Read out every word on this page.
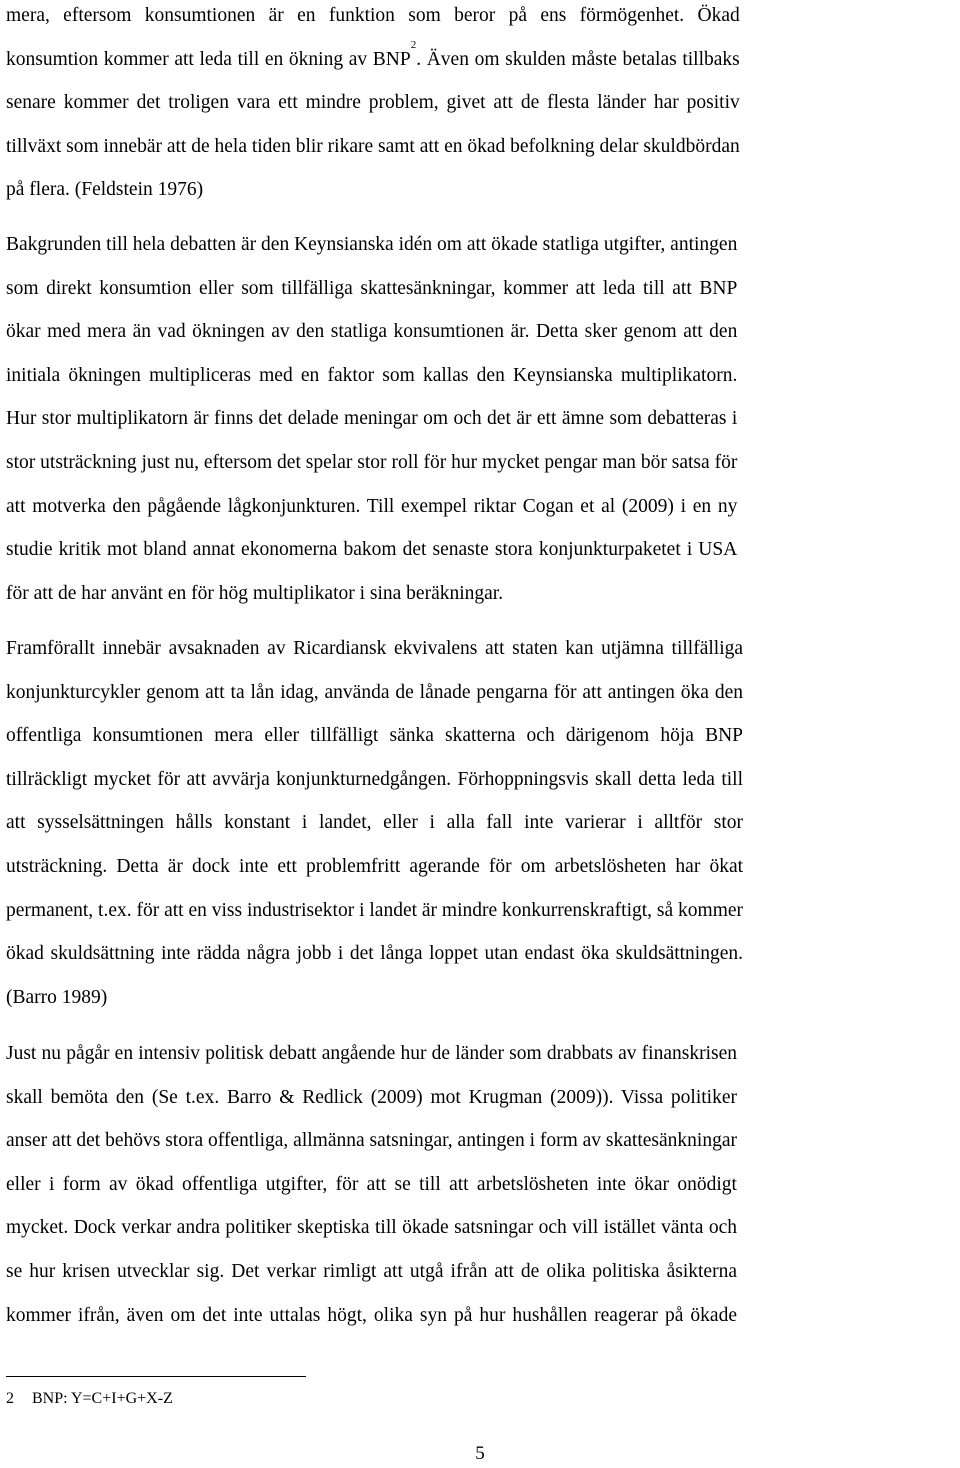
mera, eftersom konsumtionen är en funktion som beror på ens förmögenhet. Ökad
konsumtion kommer att leda till en ökning av BNP$^2$. Även om skulden måste betalas tillbaks
senare kommer det troligen vara ett mindre problem, givet att de flesta länder har positiv
tillväxt som innebär att de hela tiden blir rikare samt att en ökad befolkning delar skuldbördan
på flera. (Feldstein 1976)
Bakgrunden till hela debatten är den Keynsianska idén om att ökade statliga utgifter, antingen
som direkt konsumtion eller som tillfälliga skattesänkningar, kommer att leda till att BNP
ökar med mera än vad ökningen av den statliga konsumtionen är. Detta sker genom att den
initiala ökningen multipliceras med en faktor som kallas den Keynsianska multiplikatorn.
Hur stor multiplikatorn är finns det delade meningar om och det är ett ämne som debatteras i
stor utsträckning just nu, eftersom det spelar stor roll för hur mycket pengar man bör satsa för
att motverka den pågående lågkonjunkturen. Till exempel riktar Cogan et al (2009) i en ny
studie kritik mot bland annat ekonomerna bakom det senaste stora konjunkturpaketet i USA
för att de har använt en för hög multiplikator i sina beräkningar.
Framförallt innebär avsaknaden av Ricardiansk ekvivalens att staten kan utjämna tillfälliga
konjunkturcykler genom att ta lån idag, använda de lånade pengarna för att antingen öka den
offentliga konsumtionen mera eller tillfälligt sänka skatterna och därigenom höja BNP
tillräckligt mycket för att avvärja konjunkturnedgången. Förhoppningsvis skall detta leda till
att sysselsättningen hålls konstant i landet, eller i alla fall inte varierar i alltför stor
utsträckning. Detta är dock inte ett problemfritt agerande för om arbetslösheten har ökat
permanent, t.ex. för att en viss industrisektor i landet är mindre konkurrenskraftigt, så kommer
ökad skuldsättning inte rädda några jobb i det långa loppet utan endast öka skuldsättningen.
(Barro 1989)
Just nu pågår en intensiv politisk debatt angående hur de länder som drabbats av finanskrisen
skall bemöta den (Se t.ex. Barro & Redlick (2009) mot Krugman (2009)). Vissa politiker
anser att det behövs stora offentliga, allmänna satsningar, antingen i form av skattesänkningar
eller i form av ökad offentliga utgifter, för att se till att arbetslösheten inte ökar onödigt
mycket. Dock verkar andra politiker skeptiska till ökade satsningar och vill istället vänta och
se hur krisen utvecklar sig. Det verkar rimligt att utgå ifrån att de olika politiska åsikterna
kommer ifrån, även om det inte uttalas högt, olika syn på hur hushållen reagerar på ökade
2 BNP: Y=C+I+G+X-Z
5
